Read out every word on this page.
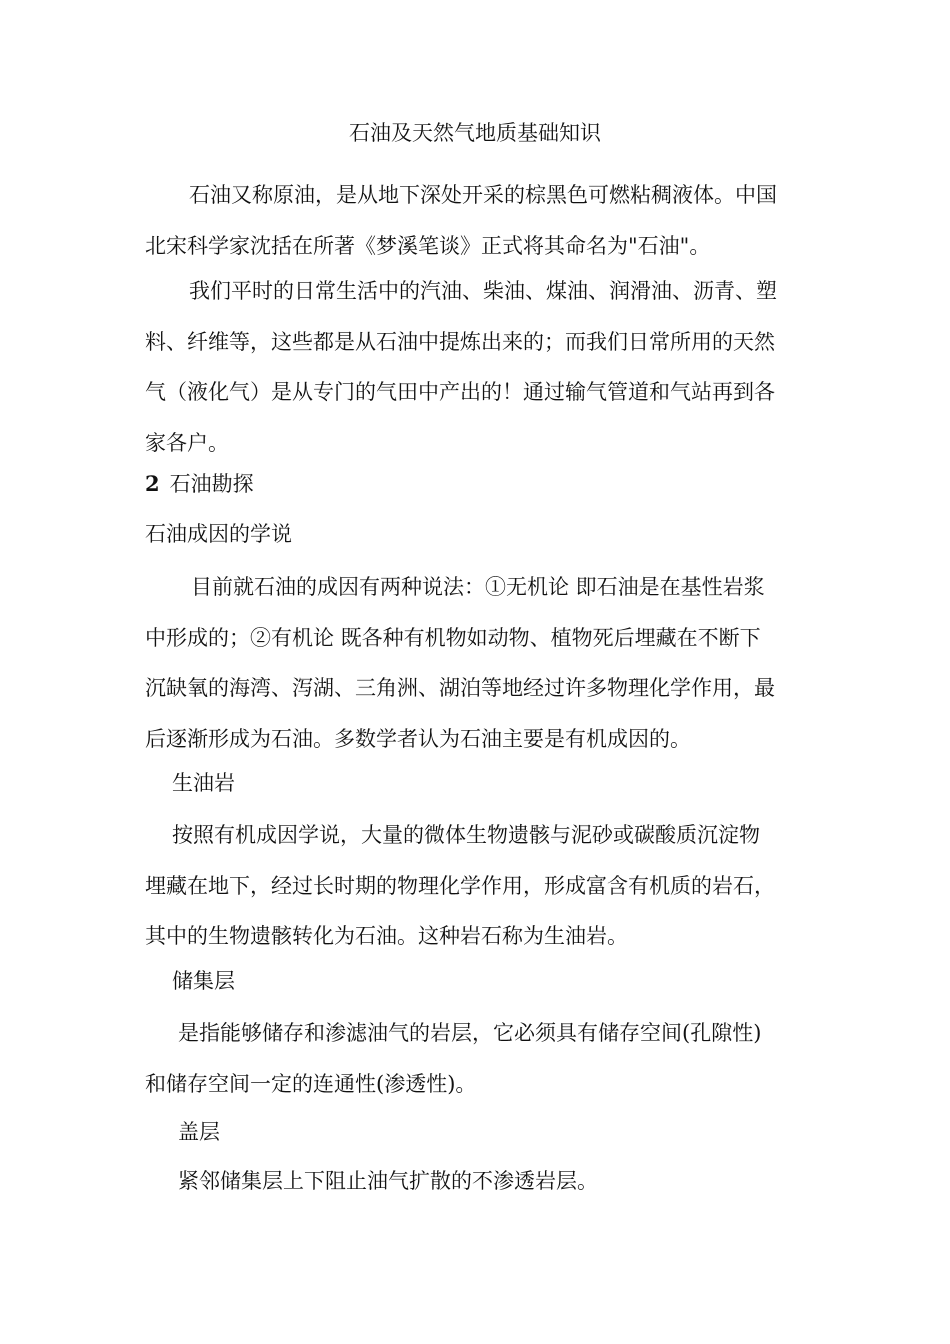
石油及天然气地质基础知识
石油又称原油，是从地下深处开采的棕黑色可燃粘稠液体。中国
北宋科学家沈括在所著《梦溪笔谈》正式将其命名为"石油"。
我们平时的日常生活中的汽油、柴油、煤油、润滑油、沥青、塑
料、纤维等，这些都是从石油中提炼出来的；而我们日常所用的天然
气（液化气）是从专门的气田中产出的！通过输气管道和气站再到各
家各户。
2 石油勘探
石油成因的学说
目前就石油的成因有两种说法：①无机论 即石油是在基性岩浆
中形成的；②有机论 既各种有机物如动物、植物死后埋藏在不断下
沉缺氧的海湾、泻湖、三角洲、湖泊等地经过许多物理化学作用，最
后逐渐形成为石油。多数学者认为石油主要是有机成因的。
生油岩
按照有机成因学说，大量的微体生物遗骸与泥砂或碳酸质沉淀物
埋藏在地下，经过长时期的物理化学作用，形成富含有机质的岩石，
其中的生物遗骸转化为石油。这种岩石称为生油岩。
储集层
是指能够储存和渗滤油气的岩层，它必须具有储存空间(孔隙性)
和储存空间一定的连通性(渗透性)。
盖层
紧邻储集层上下阻止油气扩散的不渗透岩层。
